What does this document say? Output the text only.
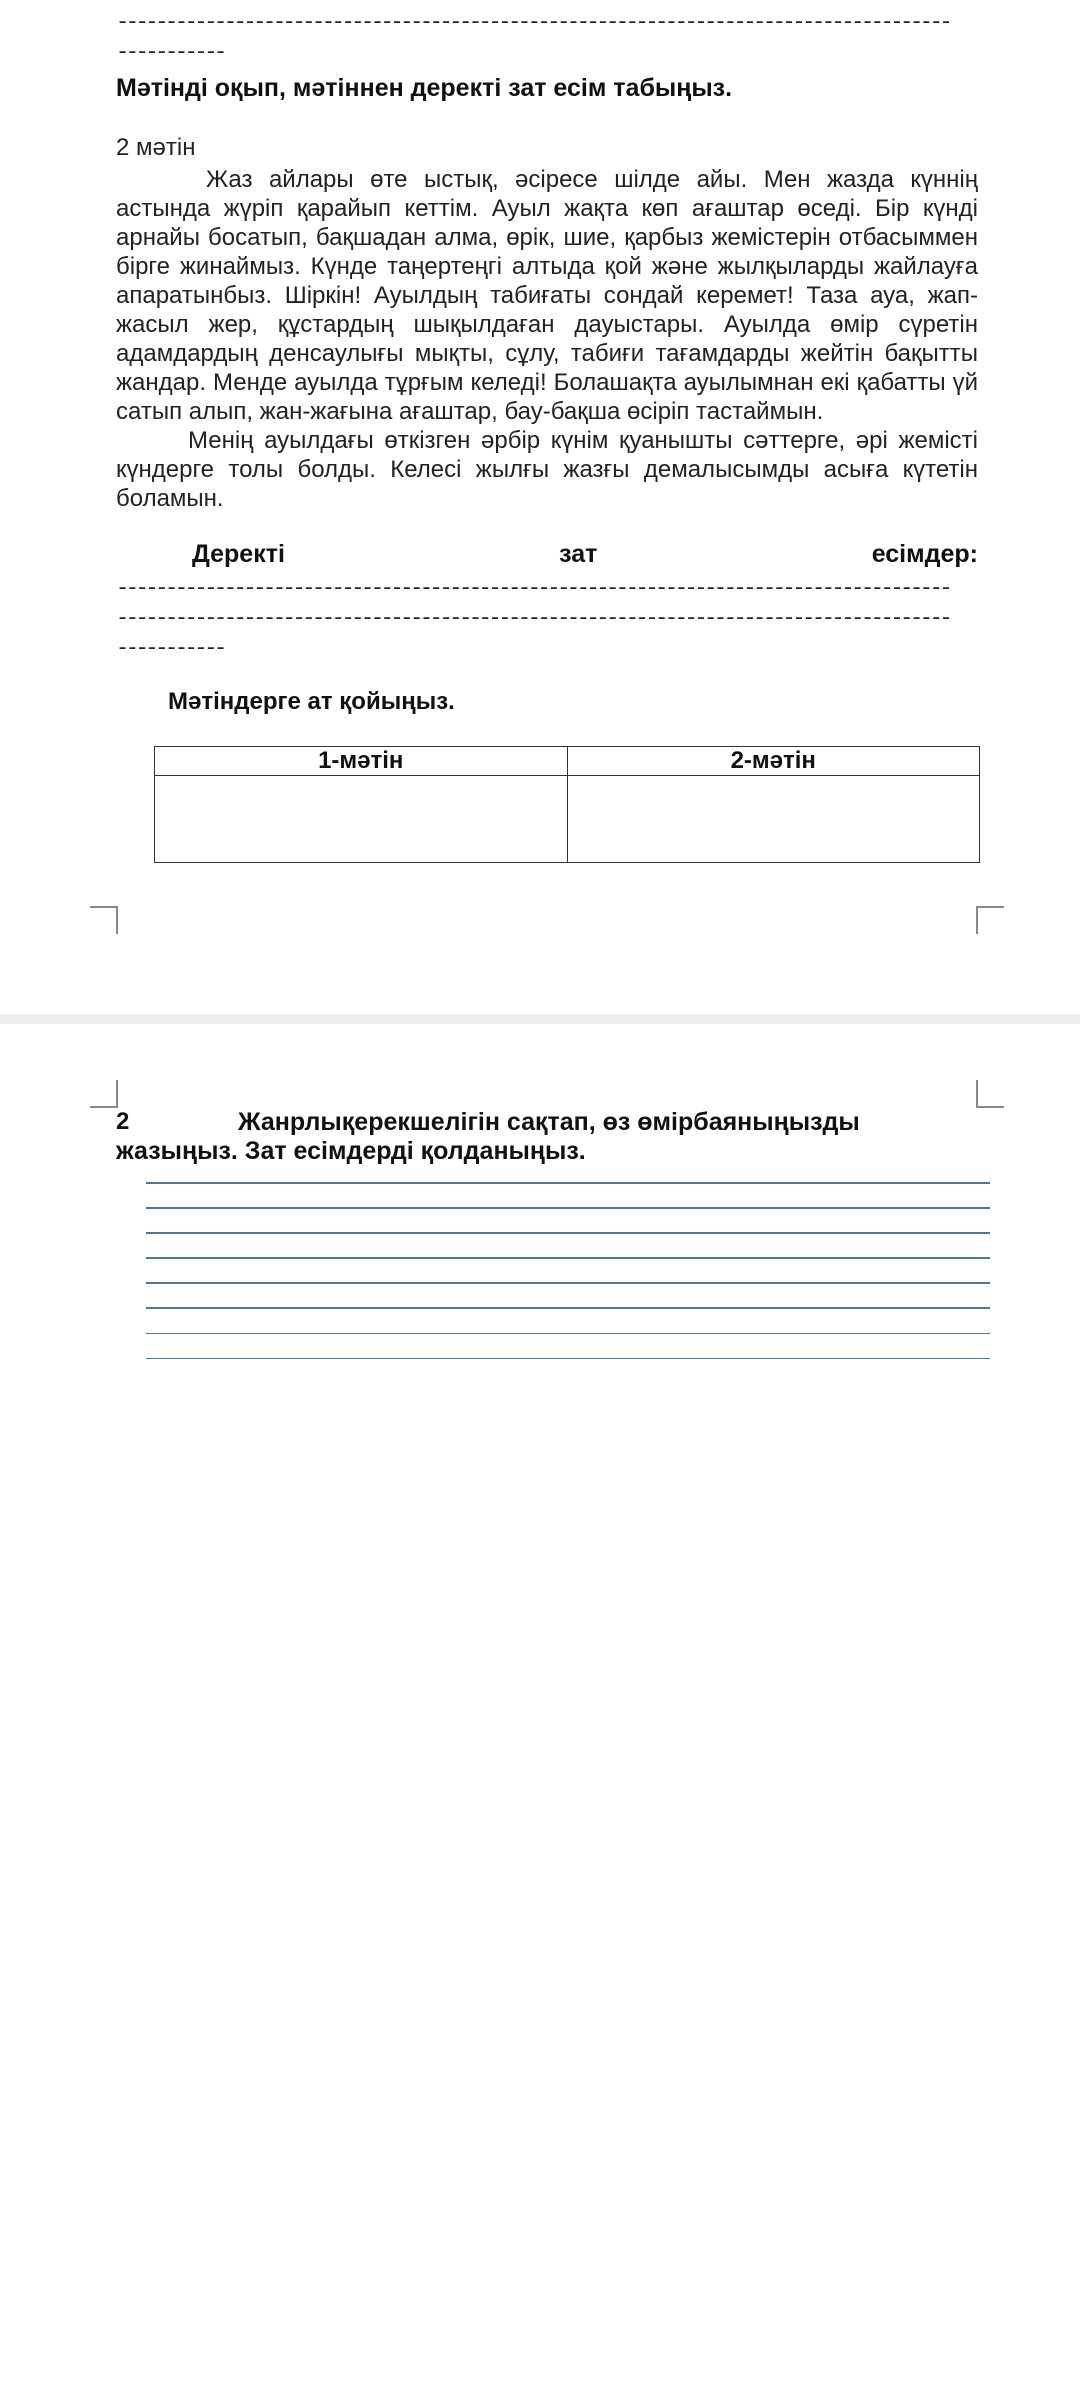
-------------------------------------------------------------------------------------
-----------
Мәтінді оқып, мәтіннен деректі зат есім табыңыз.
2 мәтін

Жаз айлары өте ыстық, әсіресе шілде айы. Мен жазда күннің астында жүріп қарайып кеттім. Ауыл жақта көп ағаштар өседі. Бір күнді арнайы босатып, бақшадан алма, өрік, шие, қарбыз жемістерін отбасыммен бірге жинаймыз. Күнде таңертеңгі алтыда қой және жылқыларды жайлауға апаратынбыз. Шіркін! Ауылдың табиғаты сондай керемет! Таза ауа, жап-жасыл жер, құстардың шықылдаған дауыстары. Ауылда өмір сүретін адамдардың денсаулығы мықты, сұлу, табиғи тағамдарды жейтін бақытты жандар. Менде ауылда тұрғым келеді! Болашақта ауылымнан екі қабатты үй сатып алып, жан-жағына ағаштар, бау-бақша өсіріп тастаймын.

Менің ауылдағы өткізген әрбір күнім қуанышты сәттерге, әрі жемісті күндерге толы болды. Келесі жылғы жазғы демалысымды асыға күтетін боламын.

Деректі	зат	есімдер:
-------------------------------------------------------------------------------------
-------------------------------------------------------------------------------------
-----------
Мәтіндерге ат қойыңыз.
1-мәтін	2-мәтін

2	Жанрлықерекшелігін сақтап, өз өмірбаяныңызды
жазыңыз. Зат есімдерді қолданыңыз.
